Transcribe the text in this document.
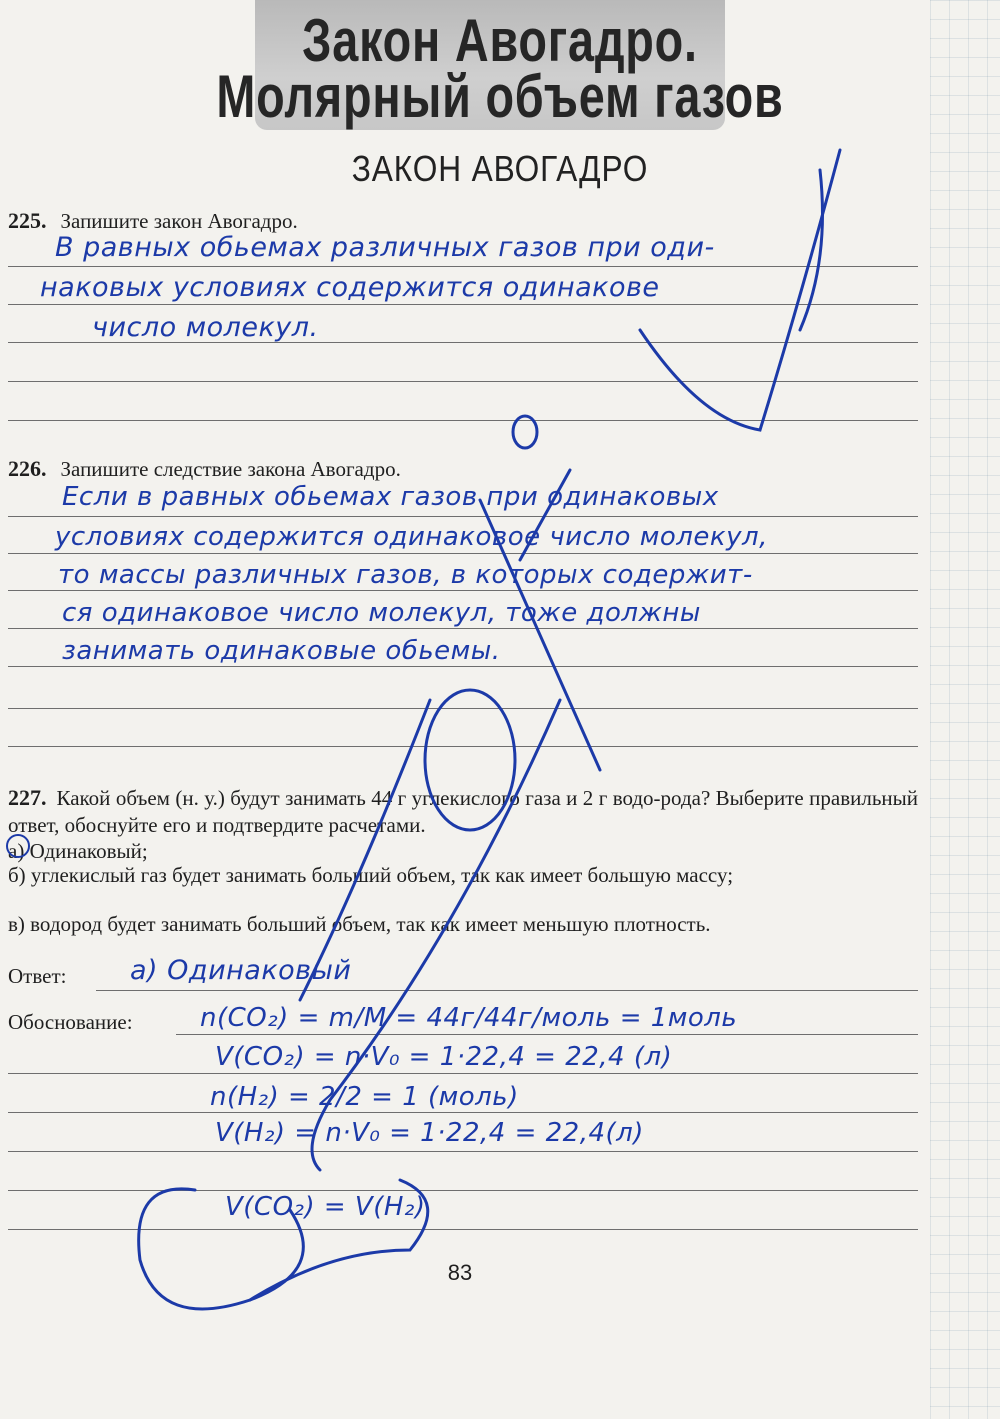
Закон Авогадро.
Молярный объем газов
ЗАКОН АВОГАДРО
225. Запишите закон Авогадро.
В равных обьемах различных газов при оди-
наковых условиях содержится одинакове
число молекул.
226. Запишите следствие закона Авогадро.
Если в равных обьемах газов при одинаковых
условиях содержится одинаковое число молекул,
то массы различных газов, в которых содержит-
ся одинаковое число молекул, тоже должны
занимать одинаковые обьемы.
227. Какой объем (н. у.) будут занимать 44 г углекислого газа и 2 г водо-рода? Выберите правильный ответ, обоснуйте его и подтвердите расчетами.
а) Одинаковый;
б) углекислый газ будет занимать больший объем, так как имеет большую массу;
в) водород будет занимать больший объем, так как имеет меньшую плотность.
Ответ: а) Одинаковый
Обоснование:	n(CO₂) = m/M = 44г/44г/моль = 1моль
V(CO₂) = n·V₀ = 1·22,4 = 22,4 (л)
n(H₂) = 2/2 = 1 (моль)
V(H₂) = n·V₀ = 1·22,4 = 22,4(л)
V(CO₂) = V(H₂)
83
